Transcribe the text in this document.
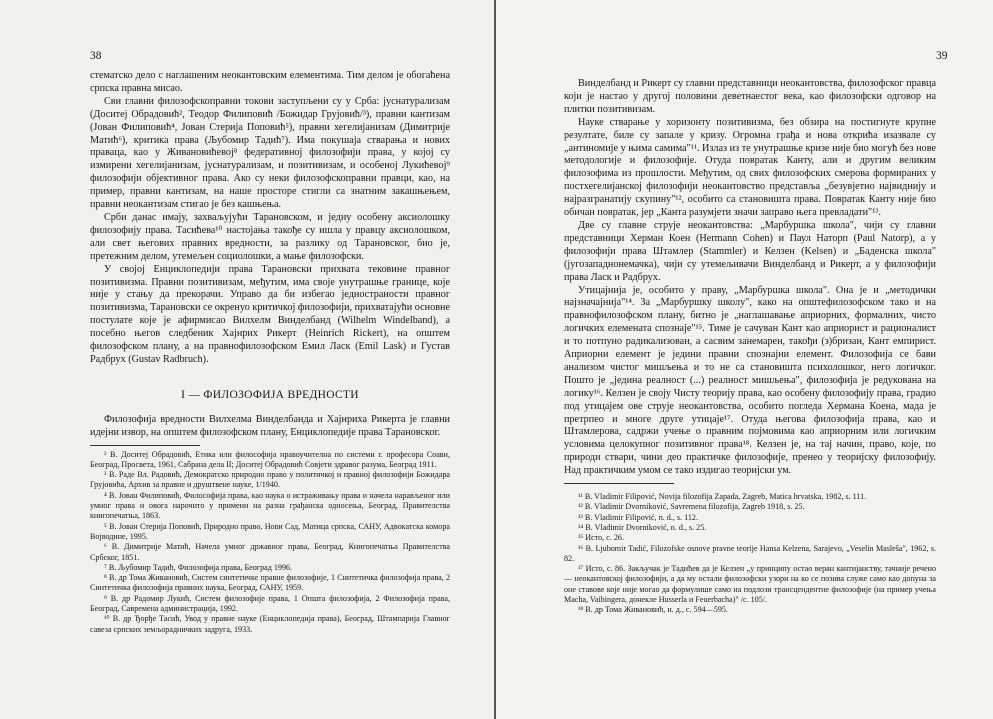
38

стематско дело с наглашеним неокантовским елементима. Тим делом је обогаћена српска правна мисао.

Сви главни филозофскоправни токови заступљени су у Срба: јуснатурализам (Доситеј Обрадовић², Теодор Филиповић /Божидар Грујовић/³), правни кантизам (Јован Филиповић⁴, Јован Стерија Поповић⁵), правни хегелијанизам (Димитрије Матић⁶), критика права (Љубомир Тадић⁷). Има покушаја стварања и нових праваца, као у Живановићевој⁸ федеративној филозофији права, у којој су измирени хегелијанизам, јуснатурализам, и позитивизам, и особеној Лукићевој⁹ филозофији објективног права. Ако су неки филозофскоправни правци, као, на пример, правни кантизам, на наше просторе стигли са знатним закашњењем, правни неокантизам стигао је без кашњења.

Срби данас имају, захваљујући Тарановском, и једну особену аксиолошку филозофију права. Тасићева¹⁰ настојања такође су ишла у правцу аксиолошком, али свет његових правних вредности, за разлику од Тарановског, био је, претежним делом, утемељен социолошки, а мање филозофски.

У својој Енциклопедији права Тарановски прихвата тековине правног позитивизма. Правни позитивизам, међутим, има своје унутрашње границе, које није у стању да прекорачи. Управо да би избегао једностраности правног позитивизма, Тарановски се окренуо критичкој филозофији, прихватајући основне постулате које је афирмисао Вилхелм Винделбанд (Wilhelm Windelband), а посебно његов следбеник Хајнрих Рикерт (Heinrich Rickert), на општем филозофском плану, а на правнофилозофском Емил Ласк (Emil Lask) и Густав Радбрух (Gustav Radbruch).

I — ФИЛОЗОФИЈА ВРЕДНОСТИ

Филозофија вредности Вилхелма Винделбанда и Хајнриха Рикерта је главни идејни извор, на општем филозофском плану, Енциклопедије права Тарановског.

² В. Доситеј Обрадовић, Етика или философија нравоучителна по системи г. професора Соави, Београд, Просвета, 1961, Сабрана дела II; Доситеј Обрадовић Совјети здравог разума, Београд 1911.
³ В. Раде Вл. Радовић, Демократско природно право у политичкој и правној филозофији Божидара Грујовића, Архив за правне и друштвене науке, 1/1940.
⁴ В. Јован Филиповић, Философија права, као наука о истраживању права и начела нарављеног или умног права и овога нарочито у примени на разна грађанска односења, Београд, Правителства книгопечатња, 1863.
⁵ В. Јован Стерија Поповић, Природно право, Нови Сад, Матица српска, САНУ, Адвокатска комора Војводине, 1995.
⁶ В. Димитрије Матић, Начела умног државног права, Београд, Книгопечатња Правителства Србског, 1851.
⁷ В. Љубомир Тадић, Филозофија права, Београд 1996.
⁸ В. др Тома Живановић, Систем синтетичке правне филозофије, 1 Синтетичка филозофија права, 2 Синтетичка филозофија правних наука, Београд, САНУ, 1959.
⁹ В. др Радомир Лукић, Систем филозофије права, 1 Општа филозофија, 2 Филозофија права, Београд, Савремена администрација, 1992.
¹⁰ В. др Ђорђе Тасић, Увод у правне науке (Енциклопедија права), Београд, Штампарија Главног савеза српских земљорадничких задруга, 1933.
39

Винделбанд и Рикерт су главни представници неокантовства, филозофског правца који је настао у другој половини деветнаестог века, као филозофски одговор на плитки позитивизам.

Науке стварање у хоризонту позитивизма, без обзира на постигнуте крупне резултате, биле су запале у кризу. Огромна грађа и нова открића изазвале су „антиномије у њима самима"¹¹. Излаз из те унутрашње кризе није био могућ без нове методологије и филозофије. Отуда повратак Канту, али и другим великим филозофима из прошлости. Међутим, од свих филозофских смерова формираних у постхегелијанској филозофији неокантовство представља „безувјетно највиднију и најразгранатију скупину"¹², особито са становишта права. Повратак Канту није био обичан повратак, јер „Канта разумјети значи заправо њега превладати"¹³.

Две су главне струје неокантовства: „Марбуршка школа", чији су главни представници Херман Коен (Hermann Cohen) и Паул Наторп (Paul Natorp), а у филозофији права Штамлер (Stammler) и Келзен (Kelsen) и „Баденска школа" (југозападнонемачка), чији су утемељивачи Винделбанд и Рикерт, а у филозофији права Ласк и Радбрух.

Утицајнија је, особито у праву, „Марбуршка школа". Она је и „методички најзначајнија"¹⁴. За „Марбуршку школу", како на општефилозофском тако и на правнофилозофском плану, битно је „наглашавање априорних, формалних, чисто логичких елемената спознаје"¹⁵. Тиме је сачуван Кант као априорист и рационалист и то потпуно радикализован, а сасвим занемарен, такођи (з)бризан, Кант емпирист. Априорни елемент је једини правни спознајни елемент. Филозофија се бави анализом чистог мишљења и то не са становишта психолошког, него логичког. Пошто је „једина реалност (...) реалност мишљења", филозофија је редукована на логику¹⁶. Келзен је своју Чисту теорију права, као особену филозофију права, градио под утицајем ове струје неокантовства, особито погледа Хермана Коена, мада је претрпео и многе друге утицаје¹⁷. Отуда његова филозофија права, као и Штамлерова, садржи учење о правним појмовима као априорним или логичким условима целокупног позитивног права¹⁸. Келзен је, на тај начин, право, које, по природи ствари, чини део практичке филозофије, пренео у теоријску филозофију. Над практичким умом се тако издигао теоријски ум.

¹¹ B. Vladimir Filipović, Novija filozofija Zapada, Zagreb, Matica hrvatska, 1982, s. 111.
¹² B. Vladimir Dvorniković, Savremena filozofija, Zagreb 1918, s. 25.
¹³ B. Vladimir Filipović, n. d., s. 112.
¹⁴ B. Vladimir Dvorniković, n. d., s. 25.
¹⁵ Исто, с. 26.
¹⁶ B. Ljubomir Tadić, Filozofske osnove pravne teorije Hansa Kelzena, Sarajevo, „Veselin Masleša", 1962, s. 82.
¹⁷ Исто, с. 86. Закључак је Тадићев да је Келзен „у принципу остао веран кантијанству, тачније речено — неокантовској филозофији, а да му остали филозофски узори на ко се позива служе само као допуна за оне ставове које није могао да формулише само на подлози трансцендентне филозофије (на пример учења Macha, Vaihingera, донекле Husserla и Feuerbacha)" /с. 105/.
¹⁸ В. др Тома Живановић, н. д., с. 594—595.
